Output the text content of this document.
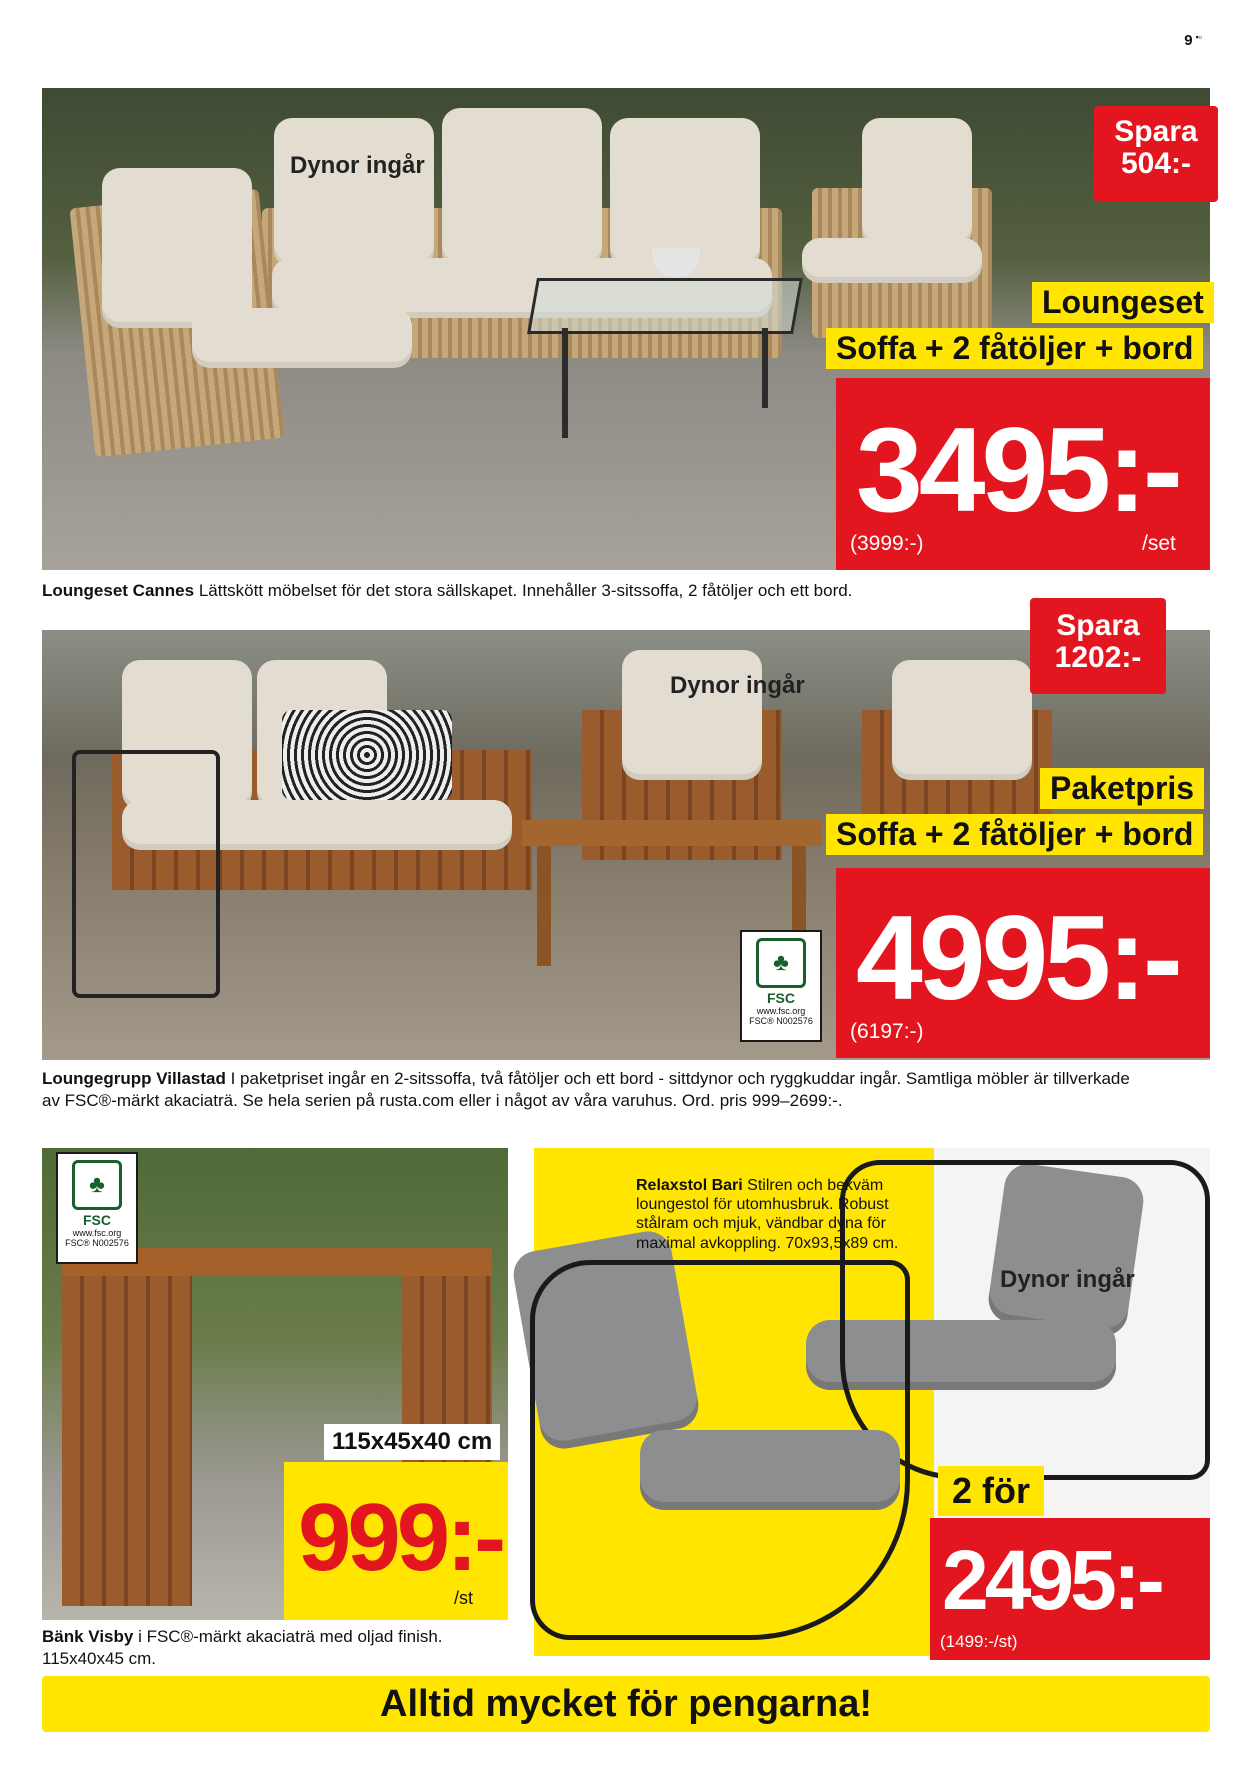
9 ▪▫
Dynor ingår
Spara
504:-
Loungeset
Soffa + 2 fåtöljer + bord
3495:-
(3999:-)	/set
Loungeset Cannes Lättskött möbelset för det stora sällskapet. Innehåller 3-sitssoffa, 2 fåtöljer och ett bord.
Dynor ingår
Spara
1202:-
Paketpris
Soffa + 2 fåtöljer + bord
♣
FSC
www.fsc.org
FSC® N002576 4995:-
(6197:-)
Loungegrupp Villastad I paketpriset ingår en 2-sitssoffa, två fåtöljer och ett bord - sittdynor och ryggkuddar ingår. Samtliga möbler är tillverkade
av FSC®-märkt akaciaträ. Se hela serien på rusta.com eller i något av våra varuhus. Ord. pris 999–2699:-.
♣
FSC
www.fsc.org
FSC® N002576
115x45x40 cm
999:-
/st
Bänk Visby i FSC®-märkt akaciaträ med oljad finish.
115x40x45 cm.
Relaxstol Bari Stilren och bekväm
loungestol för utomhusbruk. Robust
stålram och mjuk, vändbar dyna för
maximal avkoppling. 70x93,5x89 cm.
Dynor ingår
2 för
2495:-
(1499:-/st)
Alltid mycket för pengarna!
